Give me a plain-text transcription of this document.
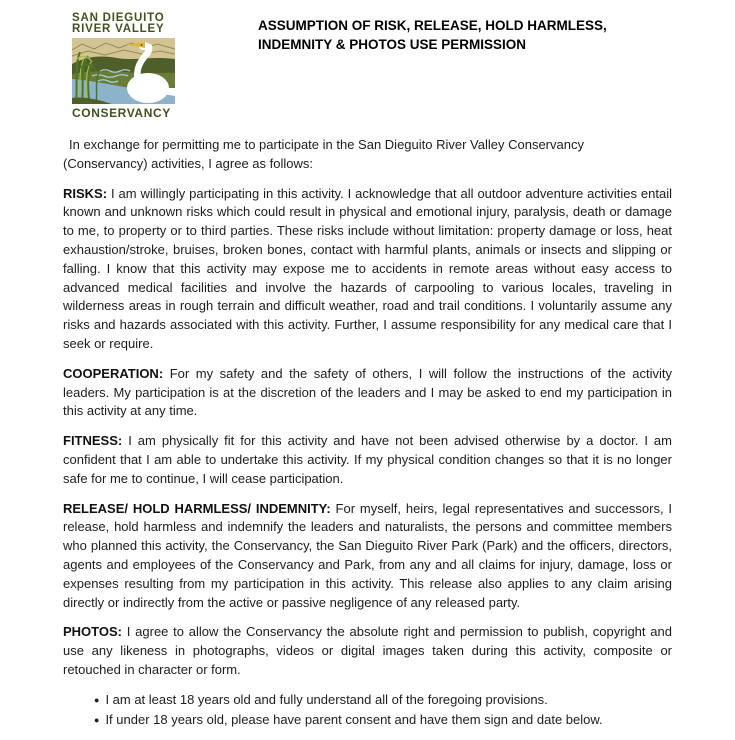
SAN DIEGUITO
RIVER VALLEY
CONSERVANCY
ASSUMPTION OF RISK, RELEASE, HOLD HARMLESS, INDEMNITY & PHOTOS USE PERMISSION

In exchange for permitting me to participate in the San Dieguito River Valley Conservancy (Conservancy) activities, I agree as follows:

RISKS: I am willingly participating in this activity. I acknowledge that all outdoor adventure activities entail known and unknown risks which could result in physical and emotional injury, paralysis, death or damage to me, to property or to third parties. These risks include without limitation: property damage or loss, heat exhaustion/stroke, bruises, broken bones, contact with harmful plants, animals or insects and slipping or falling. I know that this activity may expose me to accidents in remote areas without easy access to advanced medical facilities and involve the hazards of carpooling to various locales, traveling in wilderness areas in rough terrain and difficult weather, road and trail conditions. I voluntarily assume any risks and hazards associated with this activity. Further, I assume responsibility for any medical care that I seek or require.

COOPERATION: For my safety and the safety of others, I will follow the instructions of the activity leaders. My participation is at the discretion of the leaders and I may be asked to end my participation in this activity at any time.

FITNESS: I am physically fit for this activity and have not been advised otherwise by a doctor. I am confident that I am able to undertake this activity. If my physical condition changes so that it is no longer safe for me to continue, I will cease participation.

RELEASE/ HOLD HARMLESS/ INDEMNITY: For myself, heirs, legal representatives and successors, I release, hold harmless and indemnify the leaders and naturalists, the persons and committee members who planned this activity, the Conservancy, the San Dieguito River Park (Park) and the officers, directors, agents and employees of the Conservancy and Park, from any and all claims for injury, damage, loss or expenses resulting from my participation in this activity. This release also applies to any claim arising directly or indirectly from the active or passive negligence of any released party.

PHOTOS: I agree to allow the Conservancy the absolute right and permission to publish, copyright and use any likeness in photographs, videos or digital images taken during this activity, composite or retouched in character or form.

● I am at least 18 years old and fully understand all of the foregoing provisions.
● If under 18 years old, please have parent consent and have them sign and date below.
